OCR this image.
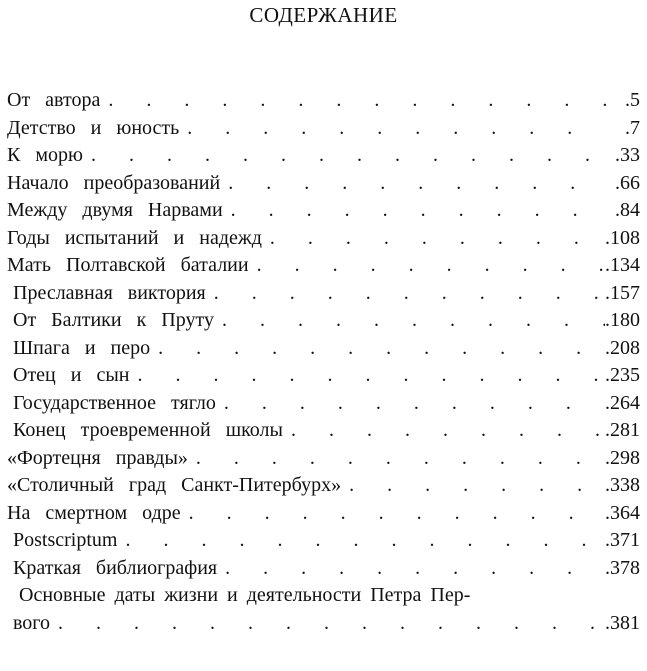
СОДЕРЖАНИЕ
От автора . . .	.5
Детство и юность . . .	.7
К морю . . .	.33
Начало преобразований . . .	.66
Между двумя Нарвами . . .	.84
Годы испытаний и надежд . . .	.108
Мать Полтавской баталии . . .	.134
Преславная виктория . . .	.157
От Балтики к Пруту . . .	.180
Шпага и перо . . .	.208
Отец и сын . . .	.235
Государственное тягло . . .	.264
Конец троевременной школы . . .	.281
«Фортецня правды» . . .	.298
«Столичный град Санкт-Питербурх» . . .	.338
На смертном одре . . .	.364
Postscriptum . . .	.371
Краткая библиография . . .	.378
Основные даты жизни и деятельности Петра Пер-
вого . . .	.381
